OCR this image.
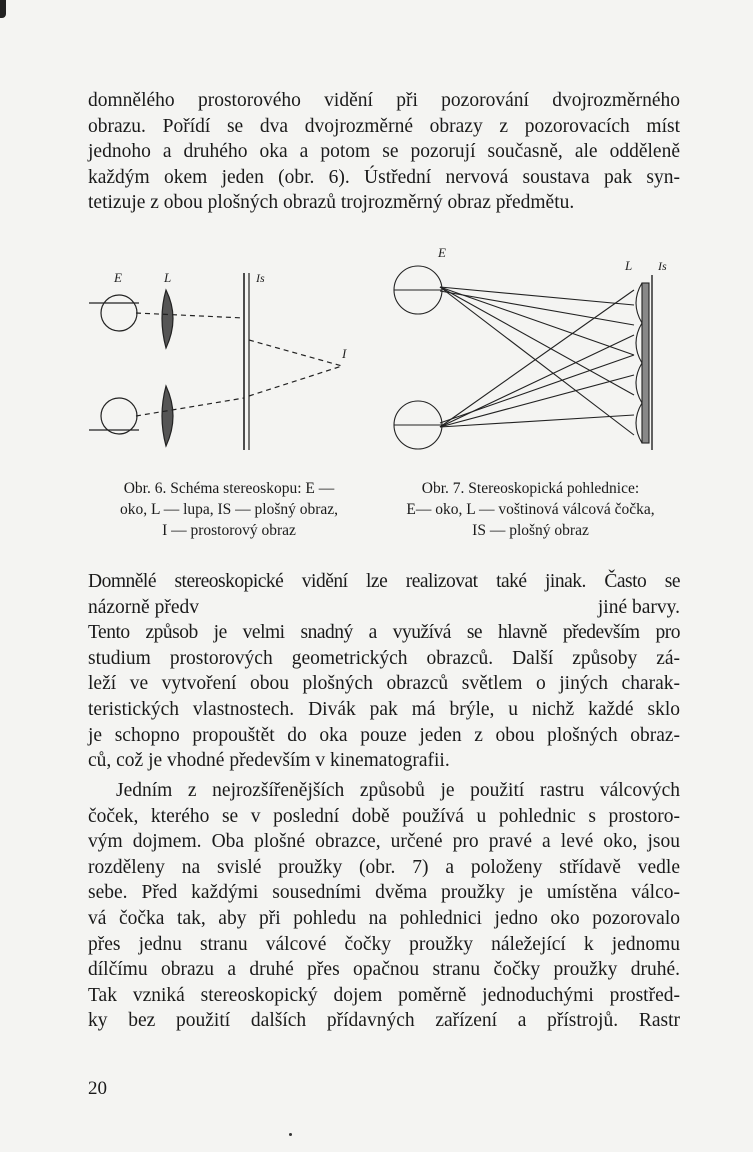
domnělého prostorového vidění při pozorování dvojrozměrného
obrazu. Pořídí se dva dvojrozměrné obrazy z pozorovacích míst
jednoho a druhého oka a potom se pozorují současně, ale odděleně
každým okem jeden (obr. 6). Ústřední nervová soustava pak syn-
tetizuje z obou plošných obrazů trojrozměrný obraz předmětu.

E	L	Is
I
E
L Is
Obr. 6. Schéma stereoskopu: E —
oko, L — lupa, IS — plošný obraz,
I — prostorový obraz
Obr. 7. Stereoskopická pohlednice:
E— oko, L — voštinová válcová čočka,
IS — plošný obraz
Domnělé stereoskopické vidění lze realizovat také jinak. Často se
názorně předv	jiné barvy.
Tento způsob je velmi snadný a využívá se hlavně především pro
studium prostorových geometrických obrazců. Další způsoby zá-
leží ve vytvoření obou plošných obrazců světlem o jiných charak-
teristických vlastnostech. Divák pak má brýle, u nichž každé sklo
je schopno propouštět do oka pouze jeden z obou plošných obraz-
ců, což je vhodné především v kinematografii.
Jedním z nejrozšířenějších způsobů je použití rastru válcových
čoček, kterého se v poslední době používá u pohlednic s prostoro-
vým dojmem. Oba plošné obrazce, určené pro pravé a levé oko, jsou
rozděleny na svislé proužky (obr. 7) a položeny střídavě vedle
sebe. Před každými sousedními dvěma proužky je umístěna válco-
vá čočka tak, aby při pohledu na pohlednici jedno oko pozorovalo
přes jednu stranu válcové čočky proužky náležející k jednomu
dílčímu obrazu a druhé přes opačnou stranu čočky proužky druhé.
Tak vzniká stereoskopický dojem poměrně jednoduchými prostřed-
ky bez použití dalších přídavných zařízení a přístrojů. Rastr
20
